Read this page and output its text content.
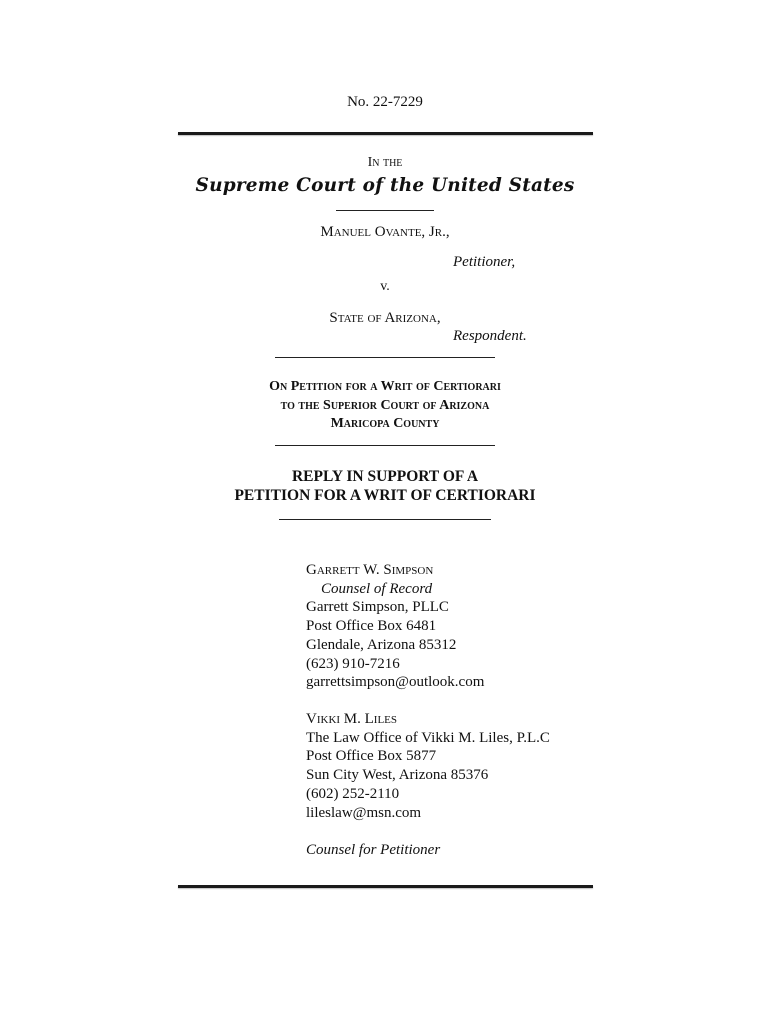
No. 22-7229
In the
Supreme Court of the United States
Manuel Ovante, Jr.,
Petitioner,
v.
State of Arizona,
Respondent.
On Petition for a Writ of Certiorari
to the Superior Court of Arizona
Maricopa County
REPLY IN SUPPORT OF A
PETITION FOR A WRIT OF CERTIORARI
Garrett W. Simpson
Counsel of Record
Garrett Simpson, PLLC
Post Office Box 6481
Glendale, Arizona 85312
(623) 910-7216
garrettsimpson@outlook.com
Vikki M. Liles
The Law Office of Vikki M. Liles, P.L.C
Post Office Box 5877
Sun City West, Arizona 85376
(602) 252-2110
lileslaw@msn.com
Counsel for Petitioner
